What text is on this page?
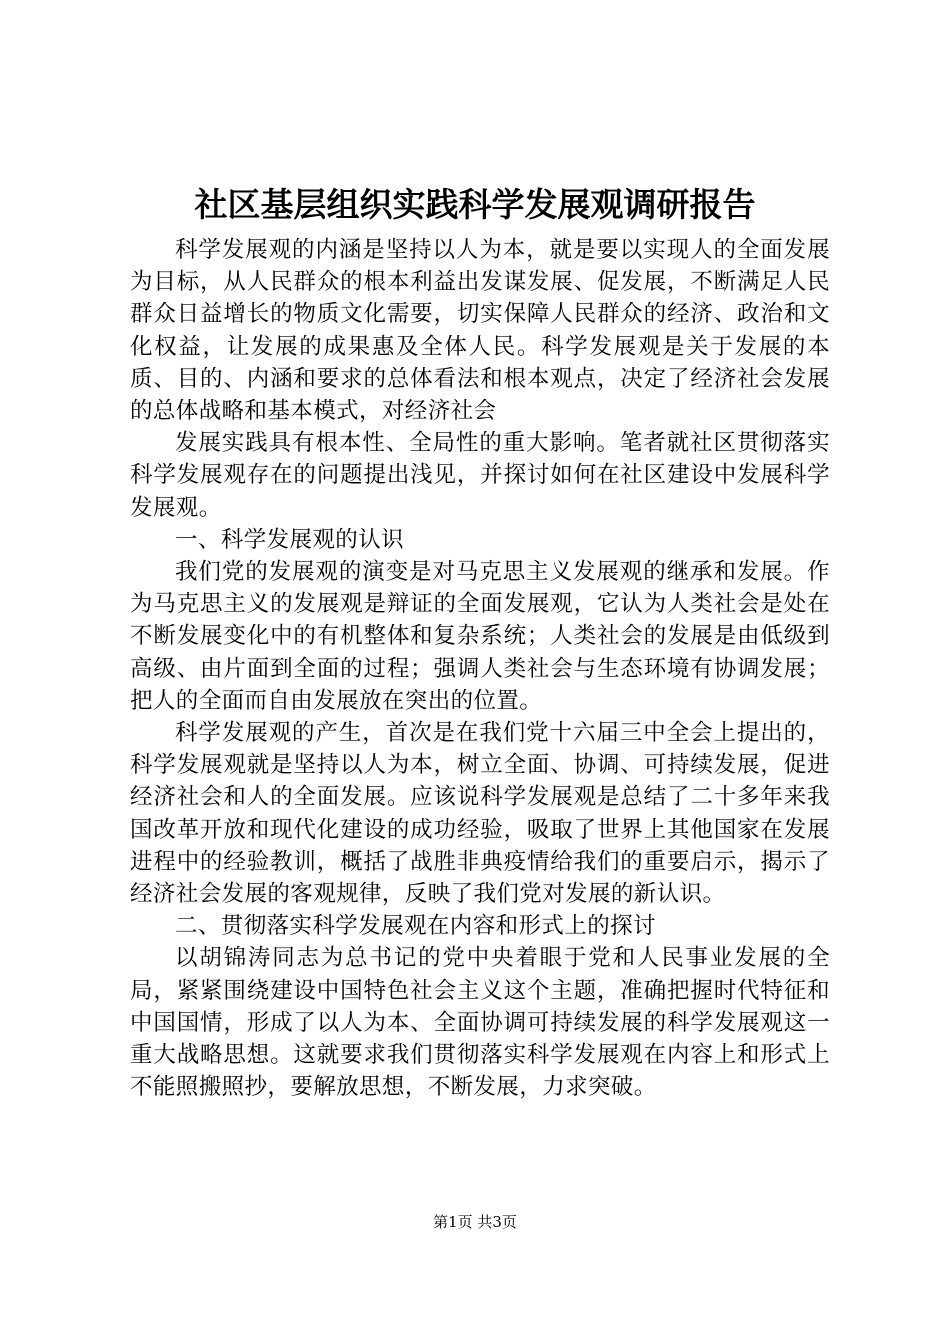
社区基层组织实践科学发展观调研报告

科学发展观的内涵是坚持以人为本，就是要以实现人的全面发展为目标，从人民群众的根本利益出发谋发展、促发展，不断满足人民群众日益增长的物质文化需要，切实保障人民群众的经济、政治和文化权益，让发展的成果惠及全体人民。科学发展观是关于发展的本质、目的、内涵和要求的总体看法和根本观点，决定了经济社会发展的总体战略和基本模式，对经济社会

发展实践具有根本性、全局性的重大影响。笔者就社区贯彻落实科学发展观存在的问题提出浅见，并探讨如何在社区建设中发展科学发展观。

一、科学发展观的认识

我们党的发展观的演变是对马克思主义发展观的继承和发展。作为马克思主义的发展观是辩证的全面发展观，它认为人类社会是处在不断发展变化中的有机整体和复杂系统；人类社会的发展是由低级到高级、由片面到全面的过程；强调人类社会与生态环境有协调发展；把人的全面而自由发展放在突出的位置。

科学发展观的产生，首次是在我们党十六届三中全会上提出的，科学发展观就是坚持以人为本，树立全面、协调、可持续发展，促进经济社会和人的全面发展。应该说科学发展观是总结了二十多年来我国改革开放和现代化建设的成功经验，吸取了世界上其他国家在发展进程中的经验教训，概括了战胜非典疫情给我们的重要启示，揭示了经济社会发展的客观规律，反映了我们党对发展的新认识。

二、贯彻落实科学发展观在内容和形式上的探讨

以胡锦涛同志为总书记的党中央着眼于党和人民事业发展的全局，紧紧围绕建设中国特色社会主义这个主题，准确把握时代特征和中国国情，形成了以人为本、全面协调可持续发展的科学发展观这一重大战略思想。这就要求我们贯彻落实科学发展观在内容上和形式上不能照搬照抄，要解放思想，不断发展，力求突破。

第1页 共3页
